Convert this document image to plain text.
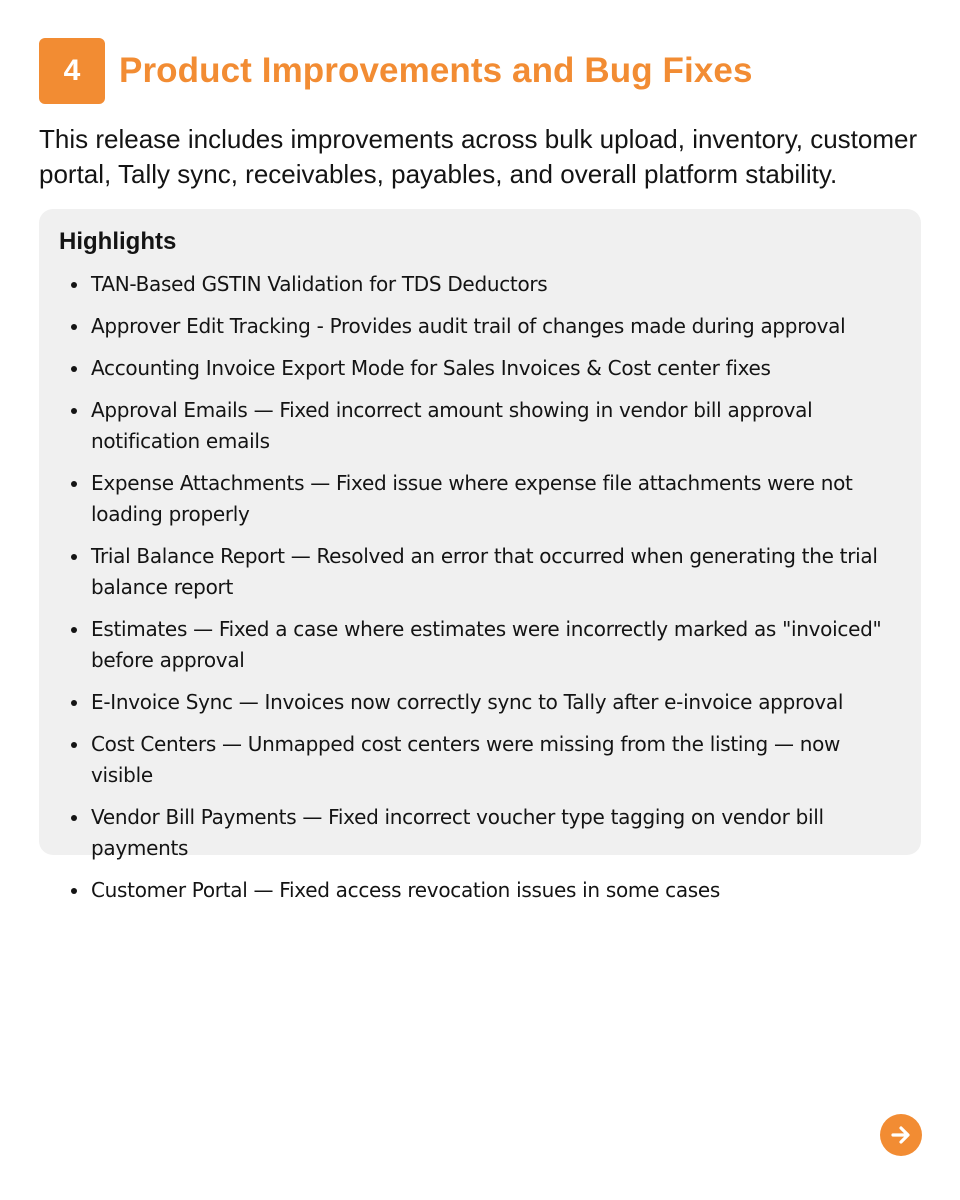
4	Product Improvements and Bug Fixes

This release includes improvements across bulk upload, inventory, customer portal, Tally sync, receivables, payables, and overall platform stability.

Highlights
TAN-Based GSTIN Validation for TDS Deductors
Approver Edit Tracking - Provides audit trail of changes made during approval
Accounting Invoice Export Mode for Sales Invoices & Cost center fixes
Approval Emails — Fixed incorrect amount showing in vendor bill approval notification emails
Expense Attachments — Fixed issue where expense file attachments were not loading properly
Trial Balance Report — Resolved an error that occurred when generating the trial balance report
Estimates — Fixed a case where estimates were incorrectly marked as "invoiced" before approval
E-Invoice Sync — Invoices now correctly sync to Tally after e-invoice approval
Cost Centers — Unmapped cost centers were missing from the listing — now visible
Vendor Bill Payments — Fixed incorrect voucher type tagging on vendor bill payments
Customer Portal — Fixed access revocation issues in some cases
